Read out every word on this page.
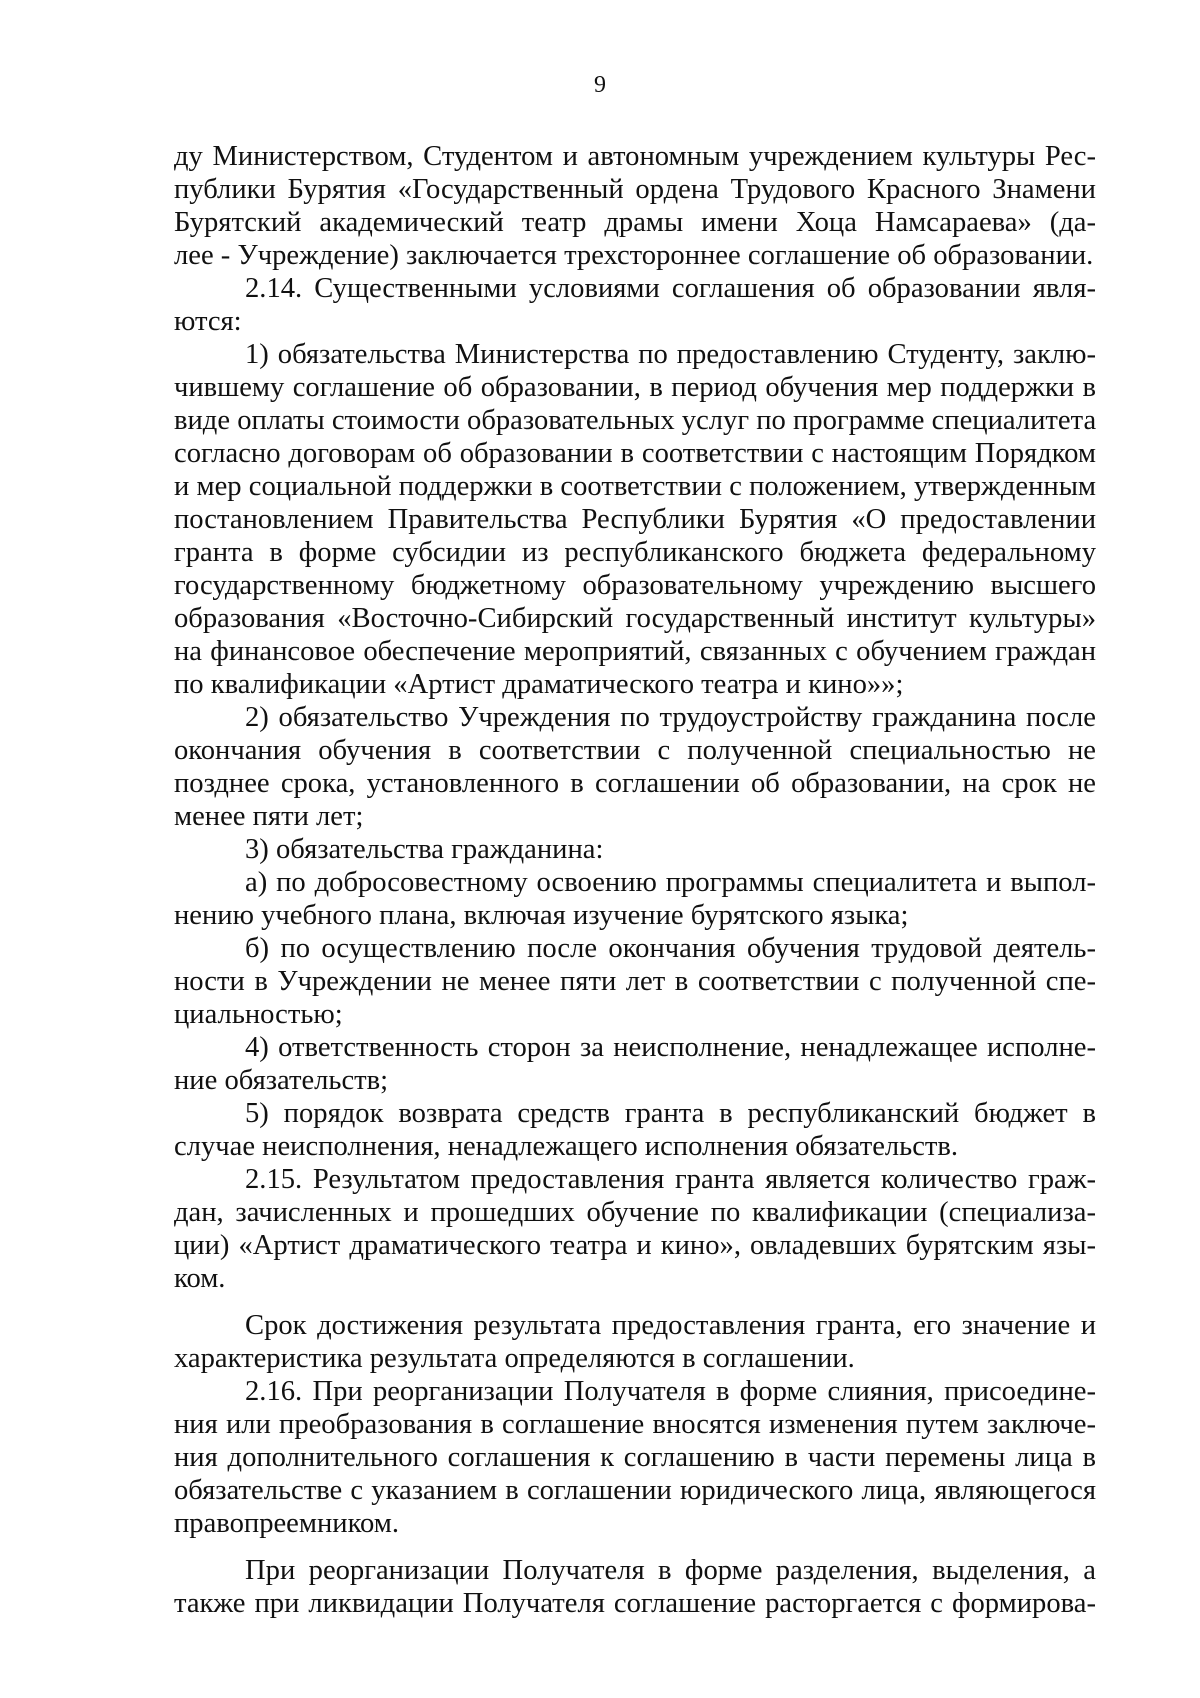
9
ду Министерством, Студентом и автономным учреждением культуры Рес-
публики Бурятия «Государственный ордена Трудового Красного Знамени
Бурятский академический театр драмы имени Хоца Намсараева» (да-
лее - Учреждение) заключается трехстороннее соглашение об образовании.
2.14. Существенными условиями соглашения об образовании явля-
ются:
1) обязательства Министерства по предоставлению Студенту, заклю-
чившему соглашение об образовании, в период обучения мер поддержки в
виде оплаты стоимости образовательных услуг по программе специалитета
согласно договорам об образовании в соответствии с настоящим Порядком
и мер социальной поддержки в соответствии с положением, утвержденным
постановлением Правительства Республики Бурятия «О предоставлении
гранта в форме субсидии из республиканского бюджета федеральному
государственному бюджетному образовательному учреждению высшего
образования «Восточно-Сибирский государственный институт культуры»
на финансовое обеспечение мероприятий, связанных с обучением граждан
по квалификации «Артист драматического театра и кино»»;
2) обязательство Учреждения по трудоустройству гражданина после
окончания обучения в соответствии с полученной специальностью не
позднее срока, установленного в соглашении об образовании, на срок не
менее пяти лет;
3) обязательства гражданина:
а) по добросовестному освоению программы специалитета и выпол-
нению учебного плана, включая изучение бурятского языка;
б) по осуществлению после окончания обучения трудовой деятель-
ности в Учреждении не менее пяти лет в соответствии с полученной спе-
циальностью;
4) ответственность сторон за неисполнение, ненадлежащее исполне-
ние обязательств;
5) порядок возврата средств гранта в республиканский бюджет в
случае неисполнения, ненадлежащего исполнения обязательств.
2.15. Результатом предоставления гранта является количество граж-
дан, зачисленных и прошедших обучение по квалификации (специализа-
ции) «Артист драматического театра и кино», овладевших бурятским язы-
ком.
Срок достижения результата предоставления гранта, его значение и
характеристика результата определяются в соглашении.
2.16. При реорганизации Получателя в форме слияния, присоедине-
ния или преобразования в соглашение вносятся изменения путем заключе-
ния дополнительного соглашения к соглашению в части перемены лица в
обязательстве с указанием в соглашении юридического лица, являющегося
правопреемником.
При реорганизации Получателя в форме разделения, выделения, а
также при ликвидации Получателя соглашение расторгается с формирова-
